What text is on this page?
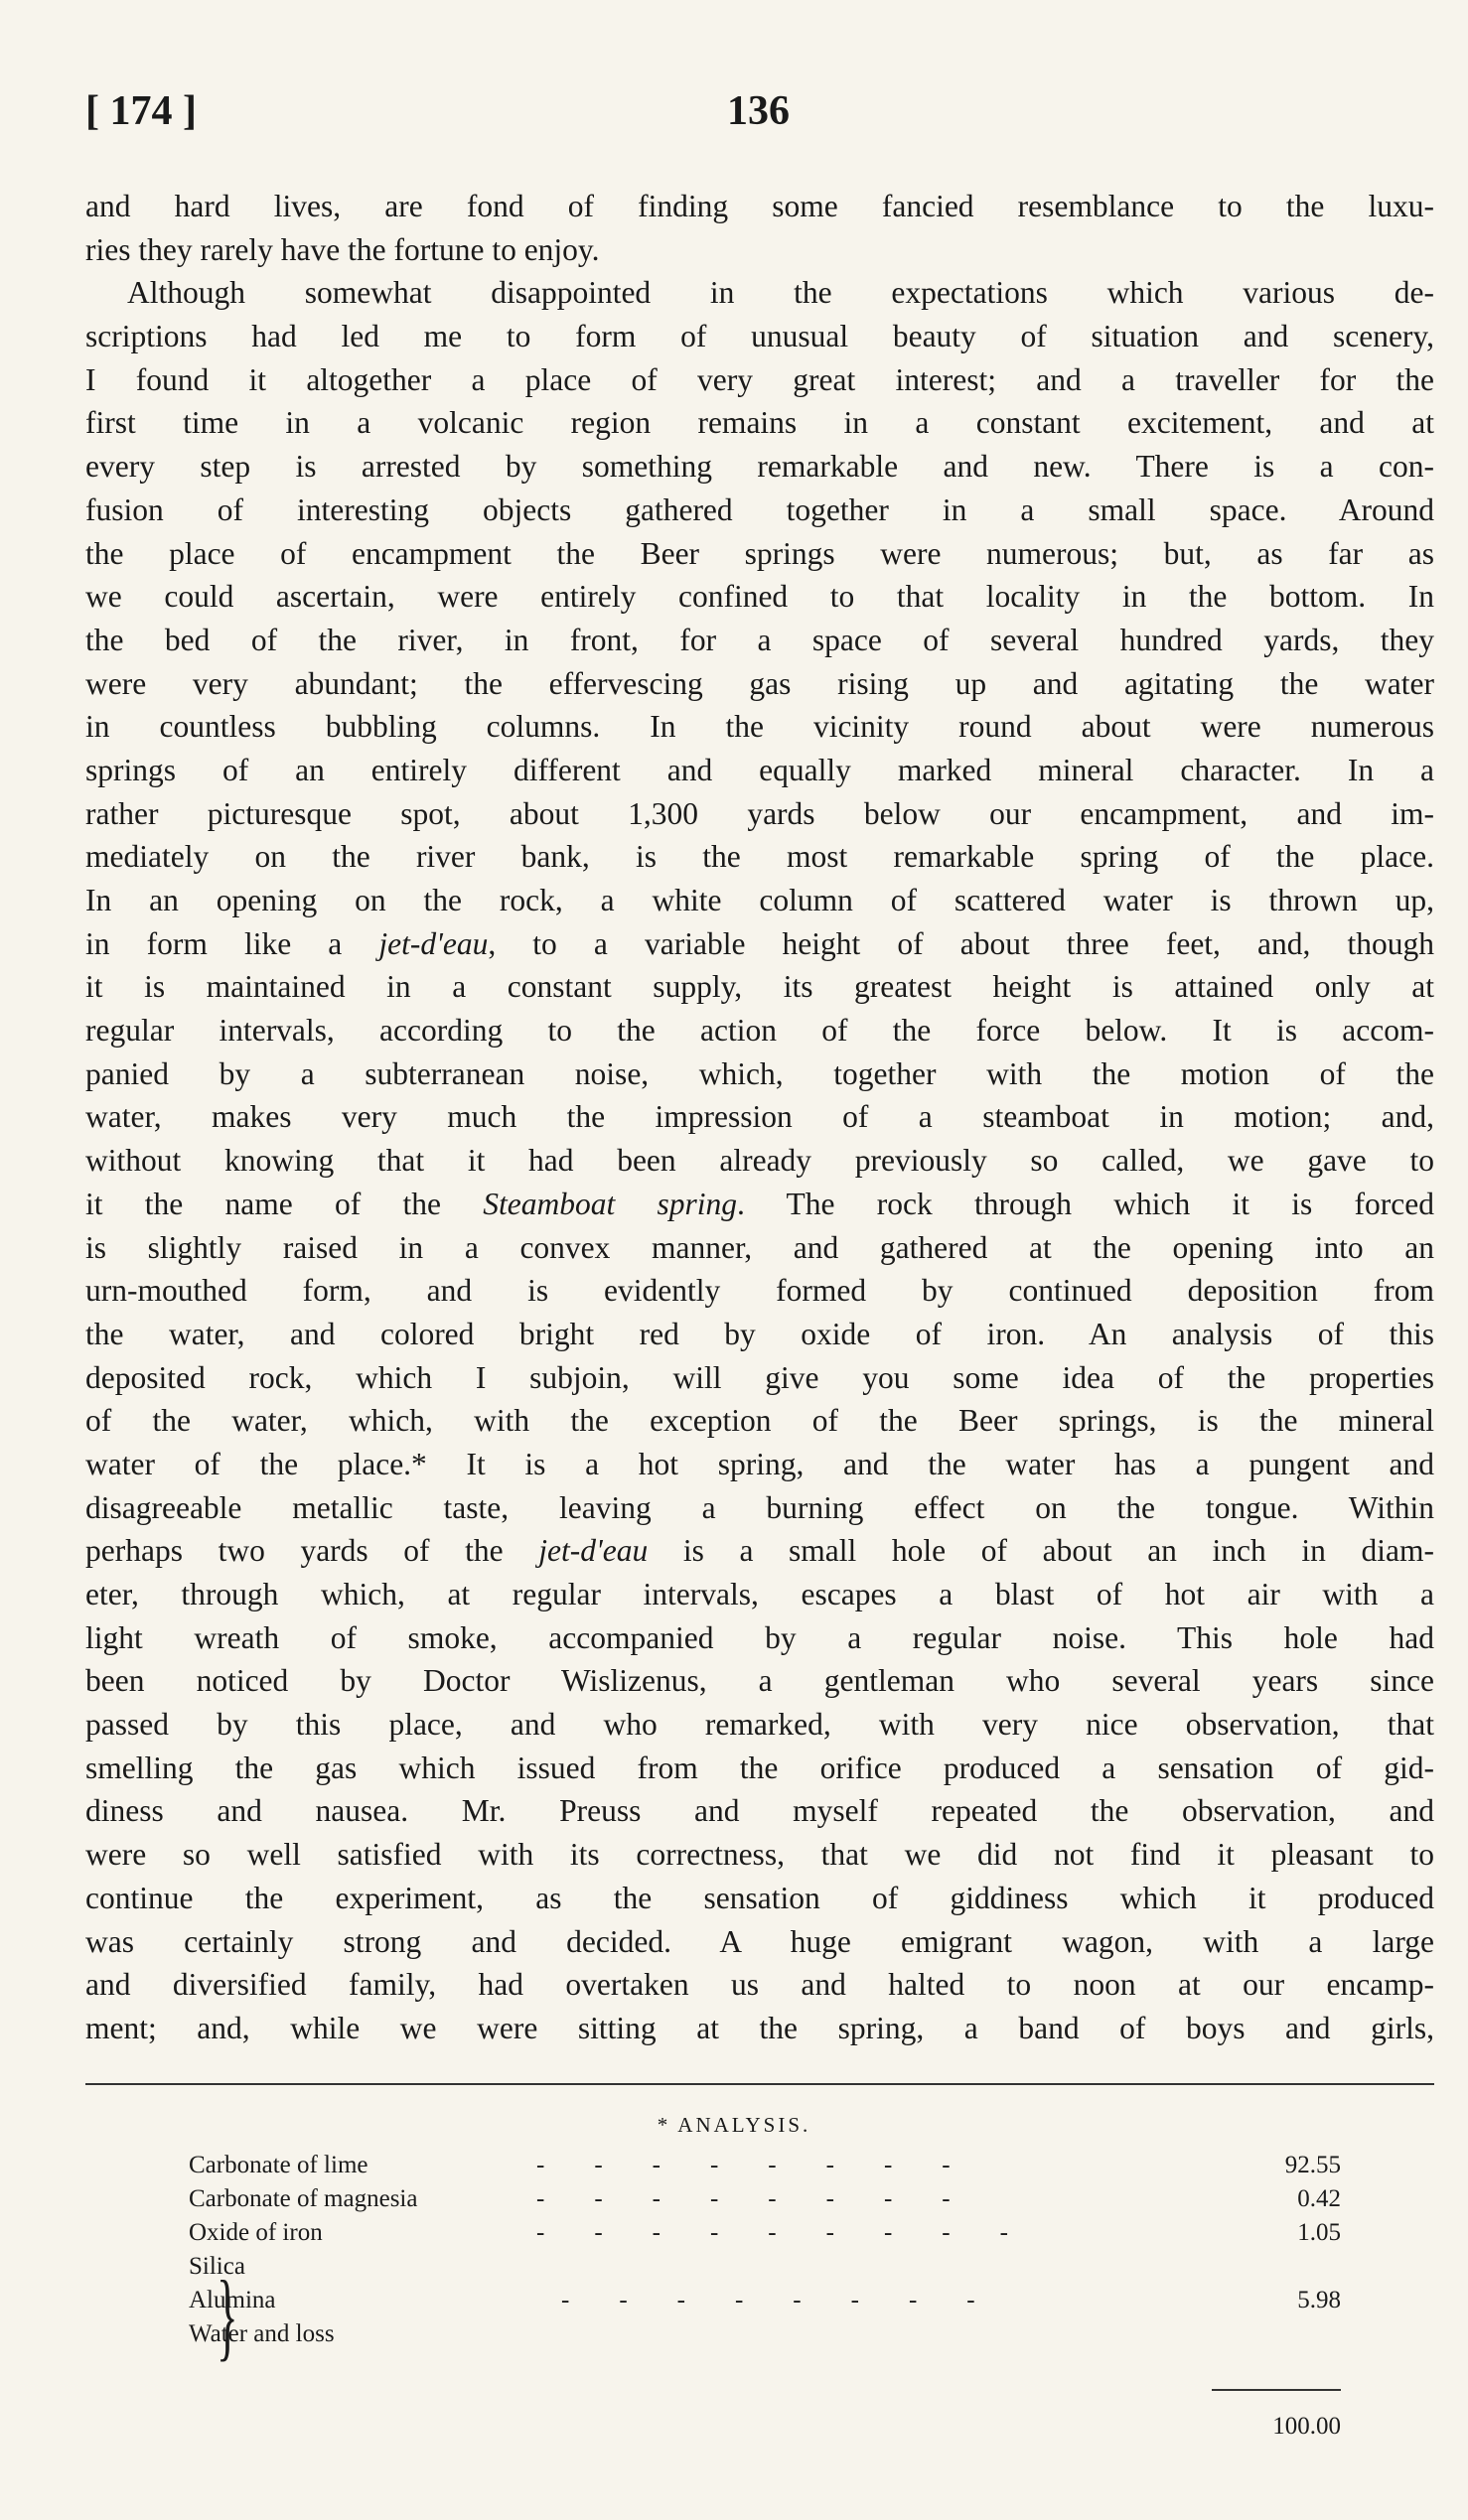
[ 174 ]	136
and hard lives, are fond of finding some fancied resemblance to the luxu-
ries they rarely have the fortune to enjoy.
Although somewhat disappointed in the expectations which various de-
scriptions had led me to form of unusual beauty of situation and scenery,
I found it altogether a place of very great interest; and a traveller for the
first time in a volcanic region remains in a constant excitement, and at
every step is arrested by something remarkable and new. There is a con-
fusion of interesting objects gathered together in a small space. Around
the place of encampment the Beer springs were numerous; but, as far as
we could ascertain, were entirely confined to that locality in the bottom. In
the bed of the river, in front, for a space of several hundred yards, they
were very abundant; the effervescing gas rising up and agitating the water
in countless bubbling columns. In the vicinity round about were numerous
springs of an entirely different and equally marked mineral character. In a
rather picturesque spot, about 1,300 yards below our encampment, and im-
mediately on the river bank, is the most remarkable spring of the place.
In an opening on the rock, a white column of scattered water is thrown up,
in form like a jet-d'eau, to a variable height of about three feet, and, though
it is maintained in a constant supply, its greatest height is attained only at
regular intervals, according to the action of the force below. It is accom-
panied by a subterranean noise, which, together with the motion of the
water, makes very much the impression of a steamboat in motion; and,
without knowing that it had been already previously so called, we gave to
it the name of the Steamboat spring. The rock through which it is forced
is slightly raised in a convex manner, and gathered at the opening into an
urn-mouthed form, and is evidently formed by continued deposition from
the water, and colored bright red by oxide of iron. An analysis of this
deposited rock, which I subjoin, will give you some idea of the properties
of the water, which, with the exception of the Beer springs, is the mineral
water of the place.* It is a hot spring, and the water has a pungent and
disagreeable metallic taste, leaving a burning effect on the tongue. Within
perhaps two yards of the jet-d'eau is a small hole of about an inch in diam-
eter, through which, at regular intervals, escapes a blast of hot air with a
light wreath of smoke, accompanied by a regular noise. This hole had
been noticed by Doctor Wislizenus, a gentleman who several years since
passed by this place, and who remarked, with very nice observation, that
smelling the gas which issued from the orifice produced a sensation of gid-
diness and nausea. Mr. Preuss and myself repeated the observation, and
were so well satisfied with its correctness, that we did not find it pleasant to
continue the experiment, as the sensation of giddiness which it produced
was certainly strong and decided. A huge emigrant wagon, with a large
and diversified family, had overtaken us and halted to noon at our encamp-
ment; and, while we were sitting at the spring, a band of boys and girls,
* ANALYSIS.
Carbonate of lime	-        -        -        -        -        -        -        -	92.55
Carbonate of magnesia	-        -        -        -        -        -        -        -	0.42
Oxide of iron	-        -        -        -        -        -        -        -        -	1.05
Silica
Alumina	-        -        -        -        -        -        -        -	5.98
Water and loss
}
100.00
